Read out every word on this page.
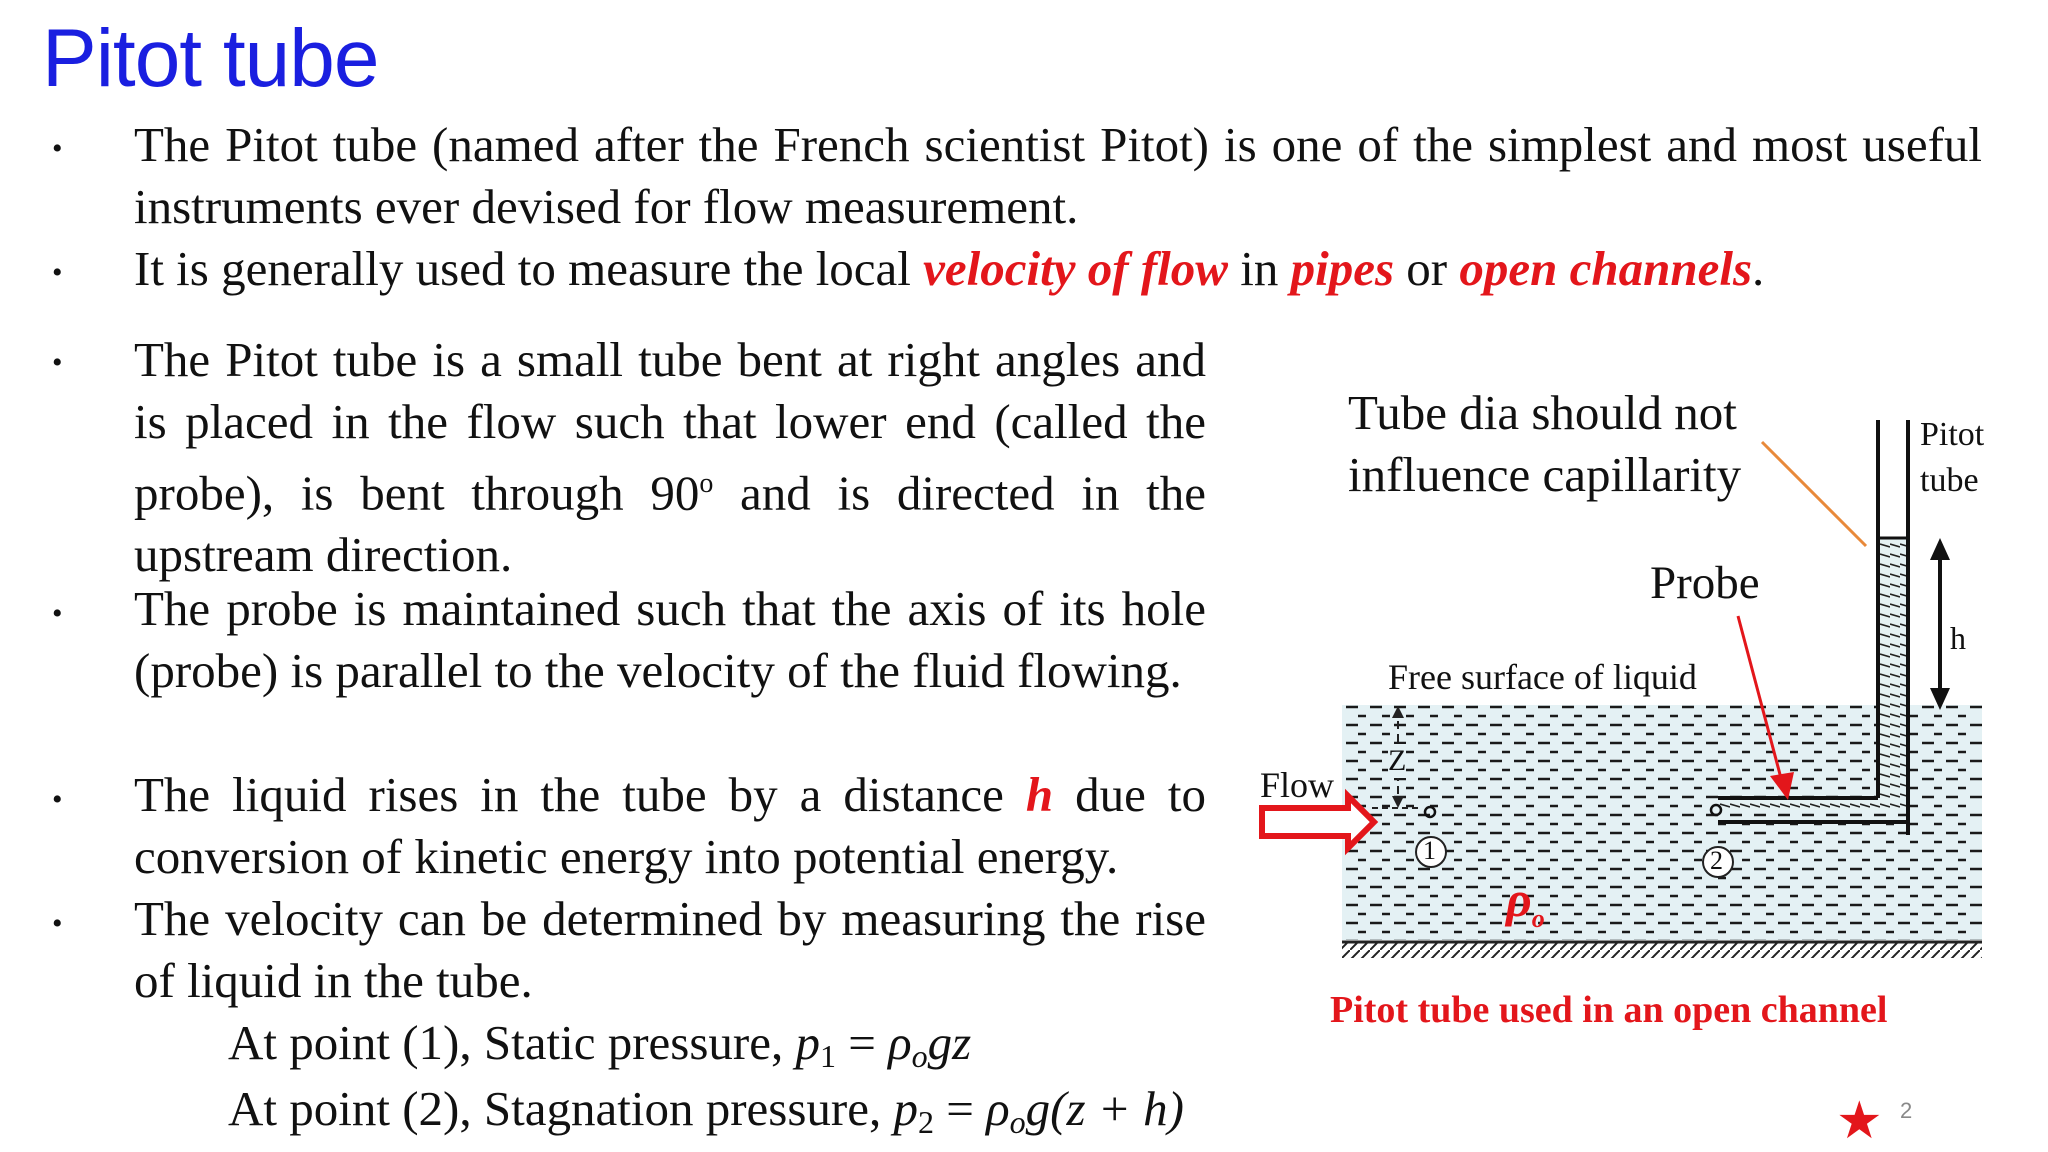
Pitot tube
• The Pitot tube (named after the French scientist Pitot) is one of the simplest and most useful instruments ever devised for flow measurement.

• It is generally used to measure the local velocity of flow in pipes or open channels.

• The Pitot tube is a small tube bent at right angles and is placed in the flow such that lower end (called the probe), is bent through 90$^o$ and is directed in the upstream direction.

• The probe is maintained such that the axis of its hole (probe) is parallel to the velocity of the fluid flowing.

• The liquid rises in the tube by a distance h due to conversion of kinetic energy into potential energy.

• The velocity can be determined by measuring the rise of liquid in the tube.

At point (1), Static pressure, $p_1 = \rho_ogz$
At point (2), Stagnation pressure, $p_2 = \rho_og(z + h)$
Tube dia should not
influence capillarity
Pitot
tube
Probe
Free surface of liquid
Flow
Z
h
1	2
$\rho_o$
Pitot tube used in an open channel
★ 2
